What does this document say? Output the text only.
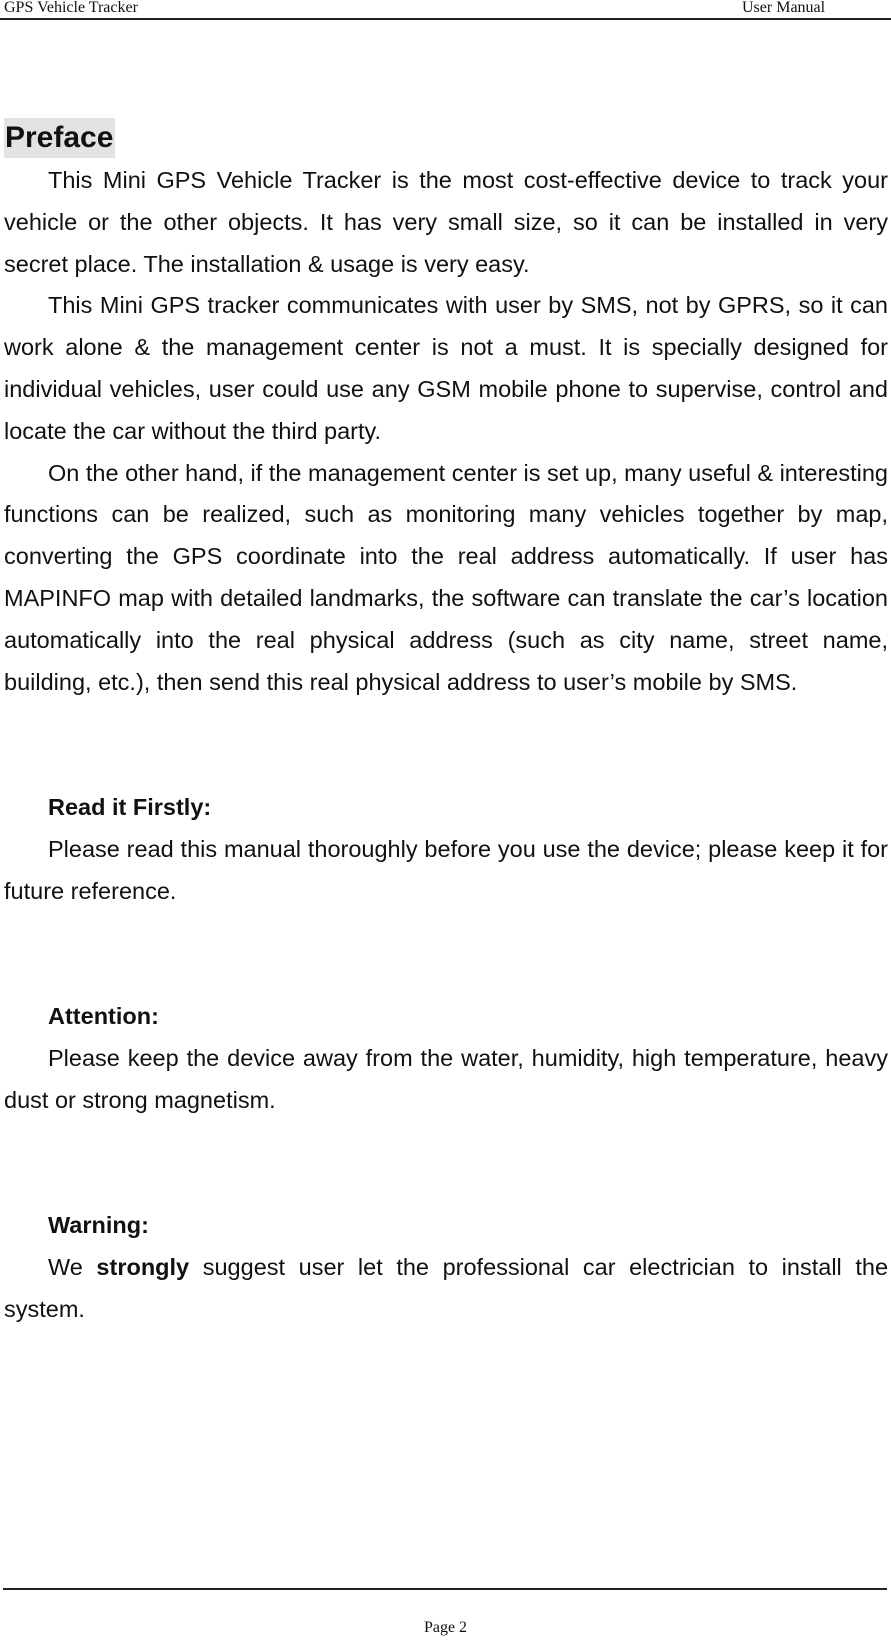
GPS Vehicle Tracker	User Manual
Preface

This Mini GPS Vehicle Tracker is the most cost-effective device to track your vehicle or the other objects. It has very small size, so it can be installed in very secret place. The installation & usage is very easy.

This Mini GPS tracker communicates with user by SMS, not by GPRS, so it can work alone & the management center is not a must. It is specially designed for individual vehicles, user could use any GSM mobile phone to supervise, control and locate the car without the third party.

On the other hand, if the management center is set up, many useful & interesting functions can be realized, such as monitoring many vehicles together by map, converting the GPS coordinate into the real address automatically. If user has MAPINFO map with detailed landmarks, the software can translate the car’s location automatically into the real physical address (such as city name, street name, building, etc.), then send this real physical address to user’s mobile by SMS.

Read it Firstly:

Please read this manual thoroughly before you use the device; please keep it for future reference.

Attention:

Please keep the device away from the water, humidity, high temperature, heavy dust or strong magnetism.

Warning:

We strongly suggest user let the professional car electrician to install the system.

Page 2
